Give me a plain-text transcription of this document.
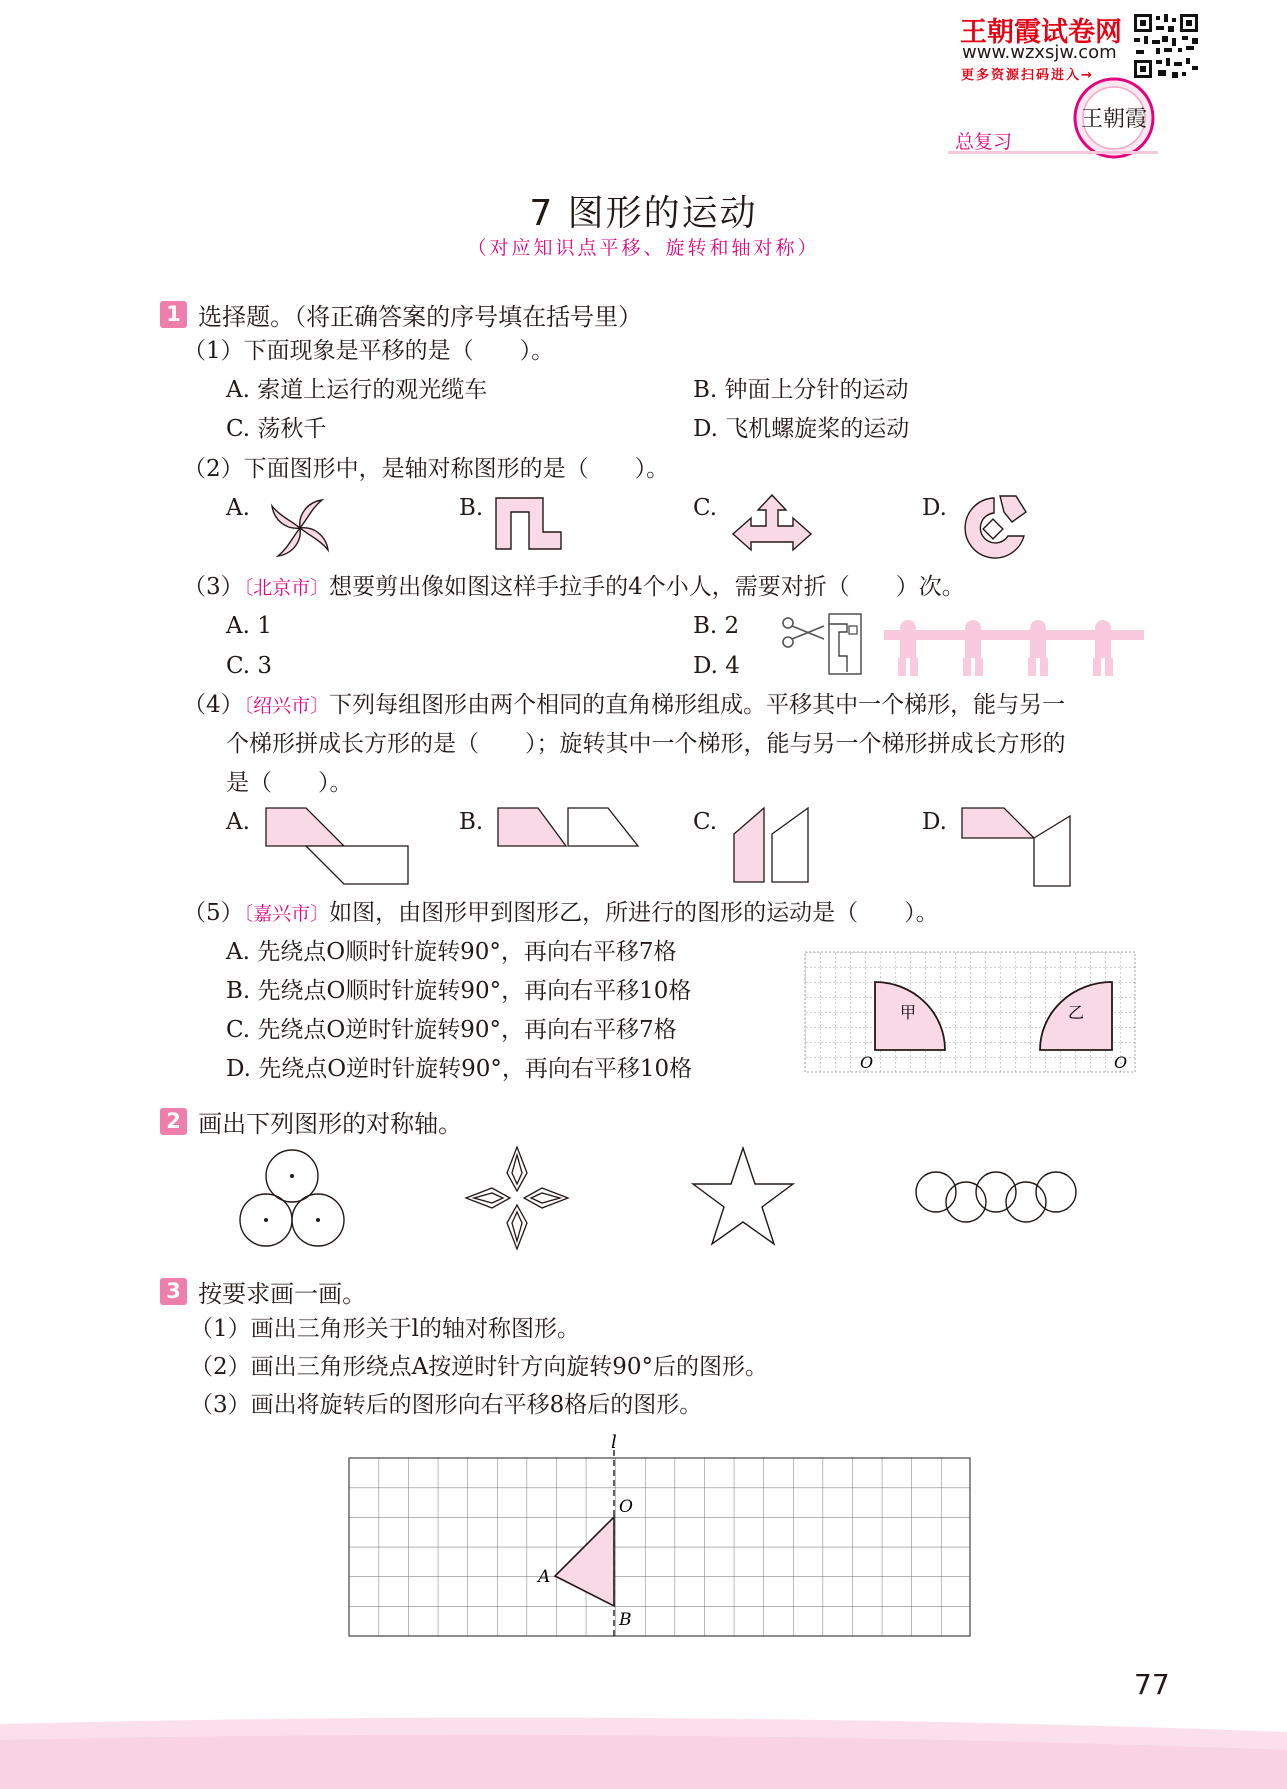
王朝霞试卷网
www.wzxsjw.com
更多资源扫码进入→
王朝霞
总复习
7 图形的运动
（对应知识点平移、旋转和轴对称）
1 选择题。（将正确答案的序号填在括号里）
（1）下面现象是平移的是（　　）。
A. 索道上运行的观光缆车	B. 钟面上分针的运动
C. 荡秋千	D. 飞机螺旋桨的运动
（2）下面图形中，是轴对称图形的是（　　）。
A.	B.	C.	D.
（3）〔北京市〕想要剪出像如图这样手拉手的4个小人，需要对折（　　）次。
A. 1	B. 2
C. 3	D. 4
（4）〔绍兴市〕下列每组图形由两个相同的直角梯形组成。平移其中一个梯形，能与另一
个梯形拼成长方形的是（　　）；旋转其中一个梯形，能与另一个梯形拼成长方形的
是（　　）。
A.	B.	C.	D.
（5）〔嘉兴市〕如图，由图形甲到图形乙，所进行的图形的运动是（　　）。
A. 先绕点O顺时针旋转90°，再向右平移7格
B. 先绕点O顺时针旋转90°，再向右平移10格
C. 先绕点O逆时针旋转90°，再向右平移7格
D. 先绕点O逆时针旋转90°，再向右平移10格
甲	乙
O	O
2 画出下列图形的对称轴。
3 按要求画一画。
（1）画出三角形关于l的轴对称图形。
（2）画出三角形绕点A按逆时针方向旋转90°后的图形。
（3）画出将旋转后的图形向右平移8格后的图形。
l
O
A
B
77
